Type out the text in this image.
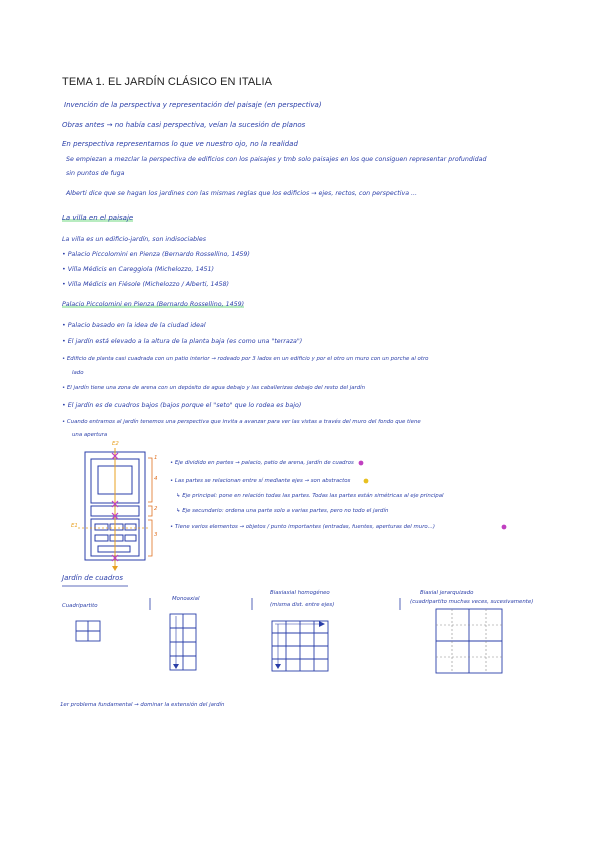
TEMA 1. EL JARDÍN CLÁSICO EN ITALIA
Invención de la perspectiva y representación del paisaje (en perspectiva)
Obras antes → no había casi perspectiva, veían la sucesión de planos
En perspectiva representamos lo que ve nuestro ojo, no la realidad
Se empiezan a mezclar la perspectiva de edificios con los paisajes y tmb solo paisajes en los que consiguen representar profundidad
sin puntos de fuga
Alberti dice que se hagan los jardines con las mismas reglas que los edificios → ejes, rectos, con perspectiva ...
La villa en el paisaje
La villa es un edificio-jardín, son indisociables
• Palacio Piccolomini en Pienza (Bernardo Rossellino, 1459)
• Villa Médicis en Careggiola (Michelozzo, 1451)
• Villa Médicis en Fiésole (Michelozzo / Alberti, 1458)
Palacio Piccolomini en Pienza (Bernardo Rossellino, 1459)
• Palacio basado en la idea de la ciudad ideal
• El jardín está elevado a la altura de la planta baja (es como una "terraza")
• Edificio de planta casi cuadrada con un patio interior → rodeado por 3 lados en un edificio y por el otro un muro con un porche al otro
lado
• El jardín tiene una zona de arena con un depósito de agua debajo y las caballerizas debajo del resto del jardín
• El jardín es de cuadros bajos (bajos porque el "seto" que lo rodea es bajo)
• Cuando entramos al jardín tenemos una perspectiva que invita a avanzar para ver las vistas a través del muro del fondo que tiene
una apertura
E2
E1
1
4
2
3
• Eje dividido en partes → palacio, patio de arena, jardín de cuadros
• Las partes se relacionan entre sí mediante ejes → son abstractos
↳ Eje principal: pone en relación todas las partes. Todas las partes están simétricas al eje principal
↳ Eje secundario: ordena una parte solo a varias partes, pero no todo el jardín
• Tiene varios elementos → objetos / punto importantes (entradas, fuentes, aperturas del muro...)
Jardín de cuadros
Cuadripartito
Monoaxial
Biaxiaxial homogéneo
(misma dist. entre ejes)
Biaxial jerarquizado
(cuadripartito muchas veces, sucesivamente)
1er problema fundamental → dominar la extensión del jardín
